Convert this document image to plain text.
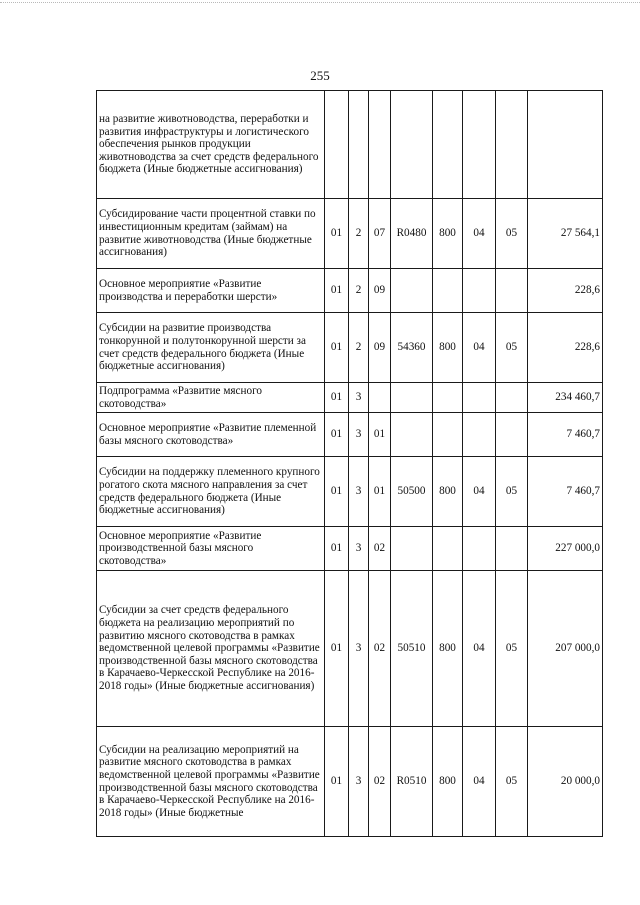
255
на развитие животноводства, переработки и развития инфраструктуры и логистического обеспечения рынков продукции животноводства за счет средств федерального бюджета (Иные бюджетные ассигнования)								
Субсидирование части процентной ставки по инвестиционным кредитам (займам) на развитие животноводства (Иные бюджетные ассигнования)	01	2	07	R0480	800	04	05	27 564,1
Основное мероприятие «Развитие производства и переработки шерсти»	01	2	09					228,6
Субсидии на развитие производства тонкорунной и полутонкорунной шерсти за счет средств федерального бюджета (Иные бюджетные ассигнования)	01	2	09	54360	800	04	05	228,6
Подпрограмма «Развитие мясного скотоводства»	01	3						234 460,7
Основное мероприятие «Развитие племенной базы мясного скотоводства»	01	3	01					7 460,7
Субсидии на поддержку племенного крупного рогатого скота мясного направления за счет средств федерального бюджета (Иные бюджетные ассигнования)	01	3	01	50500	800	04	05	7 460,7
Основное мероприятие «Развитие производственной базы мясного скотоводства»	01	3	02					227 000,0
Субсидии за счет средств федерального бюджета на реализацию мероприятий по развитию мясного скотоводства в рамках ведомственной целевой программы «Развитие производственной базы мясного скотоводства в Карачаево-Черкесской Республике на 2016-2018 годы» (Иные бюджетные ассигнования)	01	3	02	50510	800	04	05	207 000,0
Субсидии на реализацию мероприятий на развитие мясного скотоводства в рамках ведомственной целевой программы «Развитие производственной базы мясного скотоводства в Карачаево-Черкесской Республике на 2016-2018 годы» (Иные бюджетные	01	3	02	R0510	800	04	05	20 000,0
